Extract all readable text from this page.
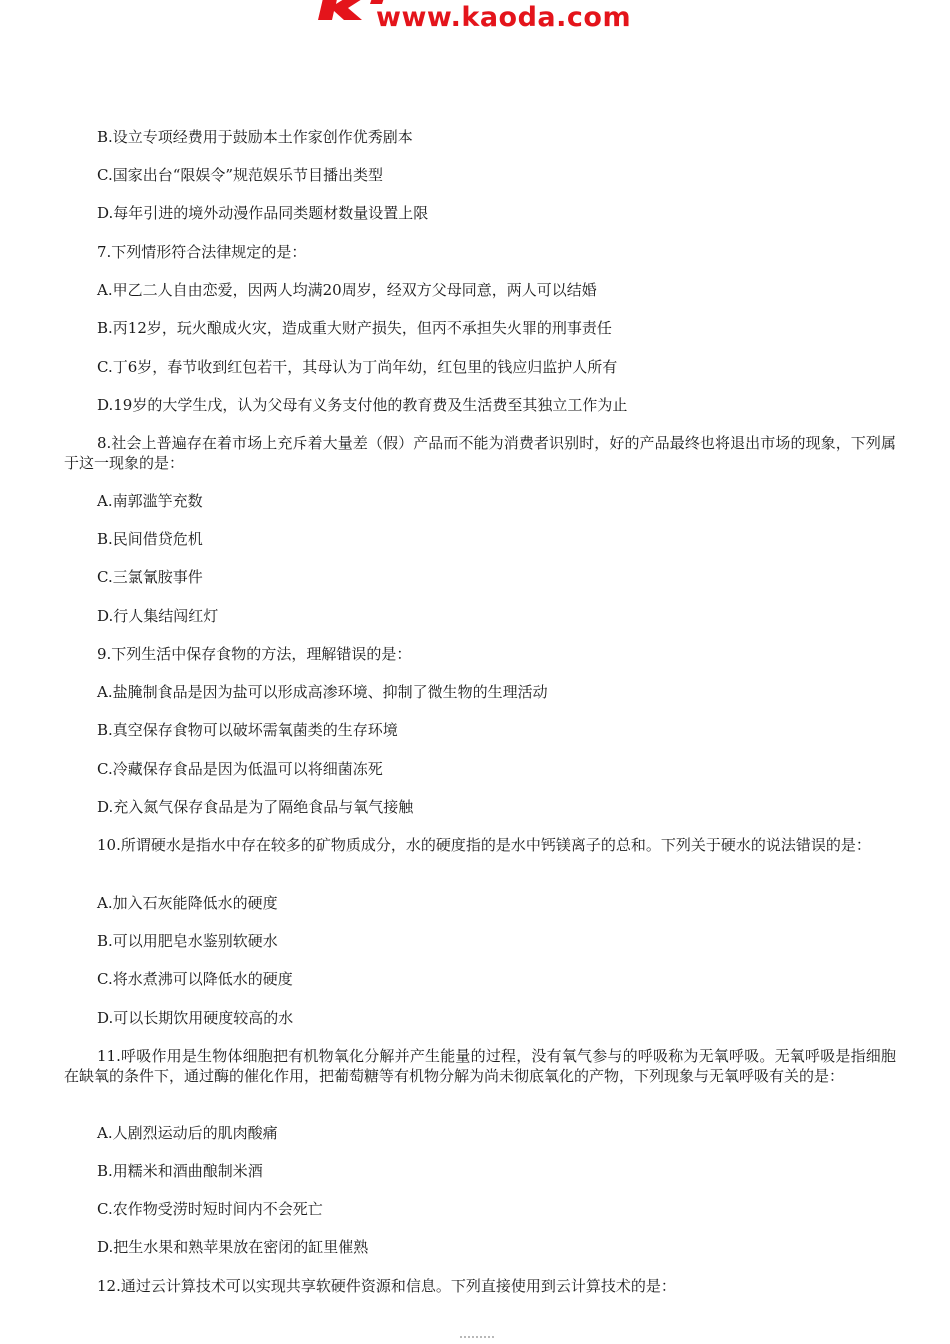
www.kaoda.com
B.设立专项经费用于鼓励本土作家创作优秀剧本
C.国家出台“限娱令”规范娱乐节目播出类型
D.每年引进的境外动漫作品同类题材数量设置上限
7.下列情形符合法律规定的是：
A.甲乙二人自由恋爱，因两人均满20周岁，经双方父母同意，两人可以结婚
B.丙12岁，玩火酿成火灾，造成重大财产损失，但丙不承担失火罪的刑事责任
C.丁6岁，春节收到红包若干，其母认为丁尚年幼，红包里的钱应归监护人所有
D.19岁的大学生戊，认为父母有义务支付他的教育费及生活费至其独立工作为止
8.社会上普遍存在着市场上充斥着大量差（假）产品而不能为消费者识别时，好的产品最终也将退出市场的现象，下列属于这一现象的是：
A.南郭滥竽充数
B.民间借贷危机
C.三氯氰胺事件
D.行人集结闯红灯
9.下列生活中保存食物的方法，理解错误的是：
A.盐腌制食品是因为盐可以形成高渗环境、抑制了微生物的生理活动
B.真空保存食物可以破坏需氧菌类的生存环境
C.冷藏保存食品是因为低温可以将细菌冻死
D.充入氮气保存食品是为了隔绝食品与氧气接触
10.所谓硬水是指水中存在较多的矿物质成分，水的硬度指的是水中钙镁离子的总和。下列关于硬水的说法错误的是：
A.加入石灰能降低水的硬度
B.可以用肥皂水鉴别软硬水
C.将水煮沸可以降低水的硬度
D.可以长期饮用硬度较高的水
11.呼吸作用是生物体细胞把有机物氧化分解并产生能量的过程，没有氧气参与的呼吸称为无氧呼吸。无氧呼吸是指细胞在缺氧的条件下，通过酶的催化作用，把葡萄糖等有机物分解为尚未彻底氧化的产物，下列现象与无氧呼吸有关的是：
A.人剧烈运动后的肌肉酸痛
B.用糯米和酒曲酿制米酒
C.农作物受涝时短时间内不会死亡
D.把生水果和熟苹果放在密闭的缸里催熟
12.通过云计算技术可以实现共享软硬件资源和信息。下列直接使用到云计算技术的是：
